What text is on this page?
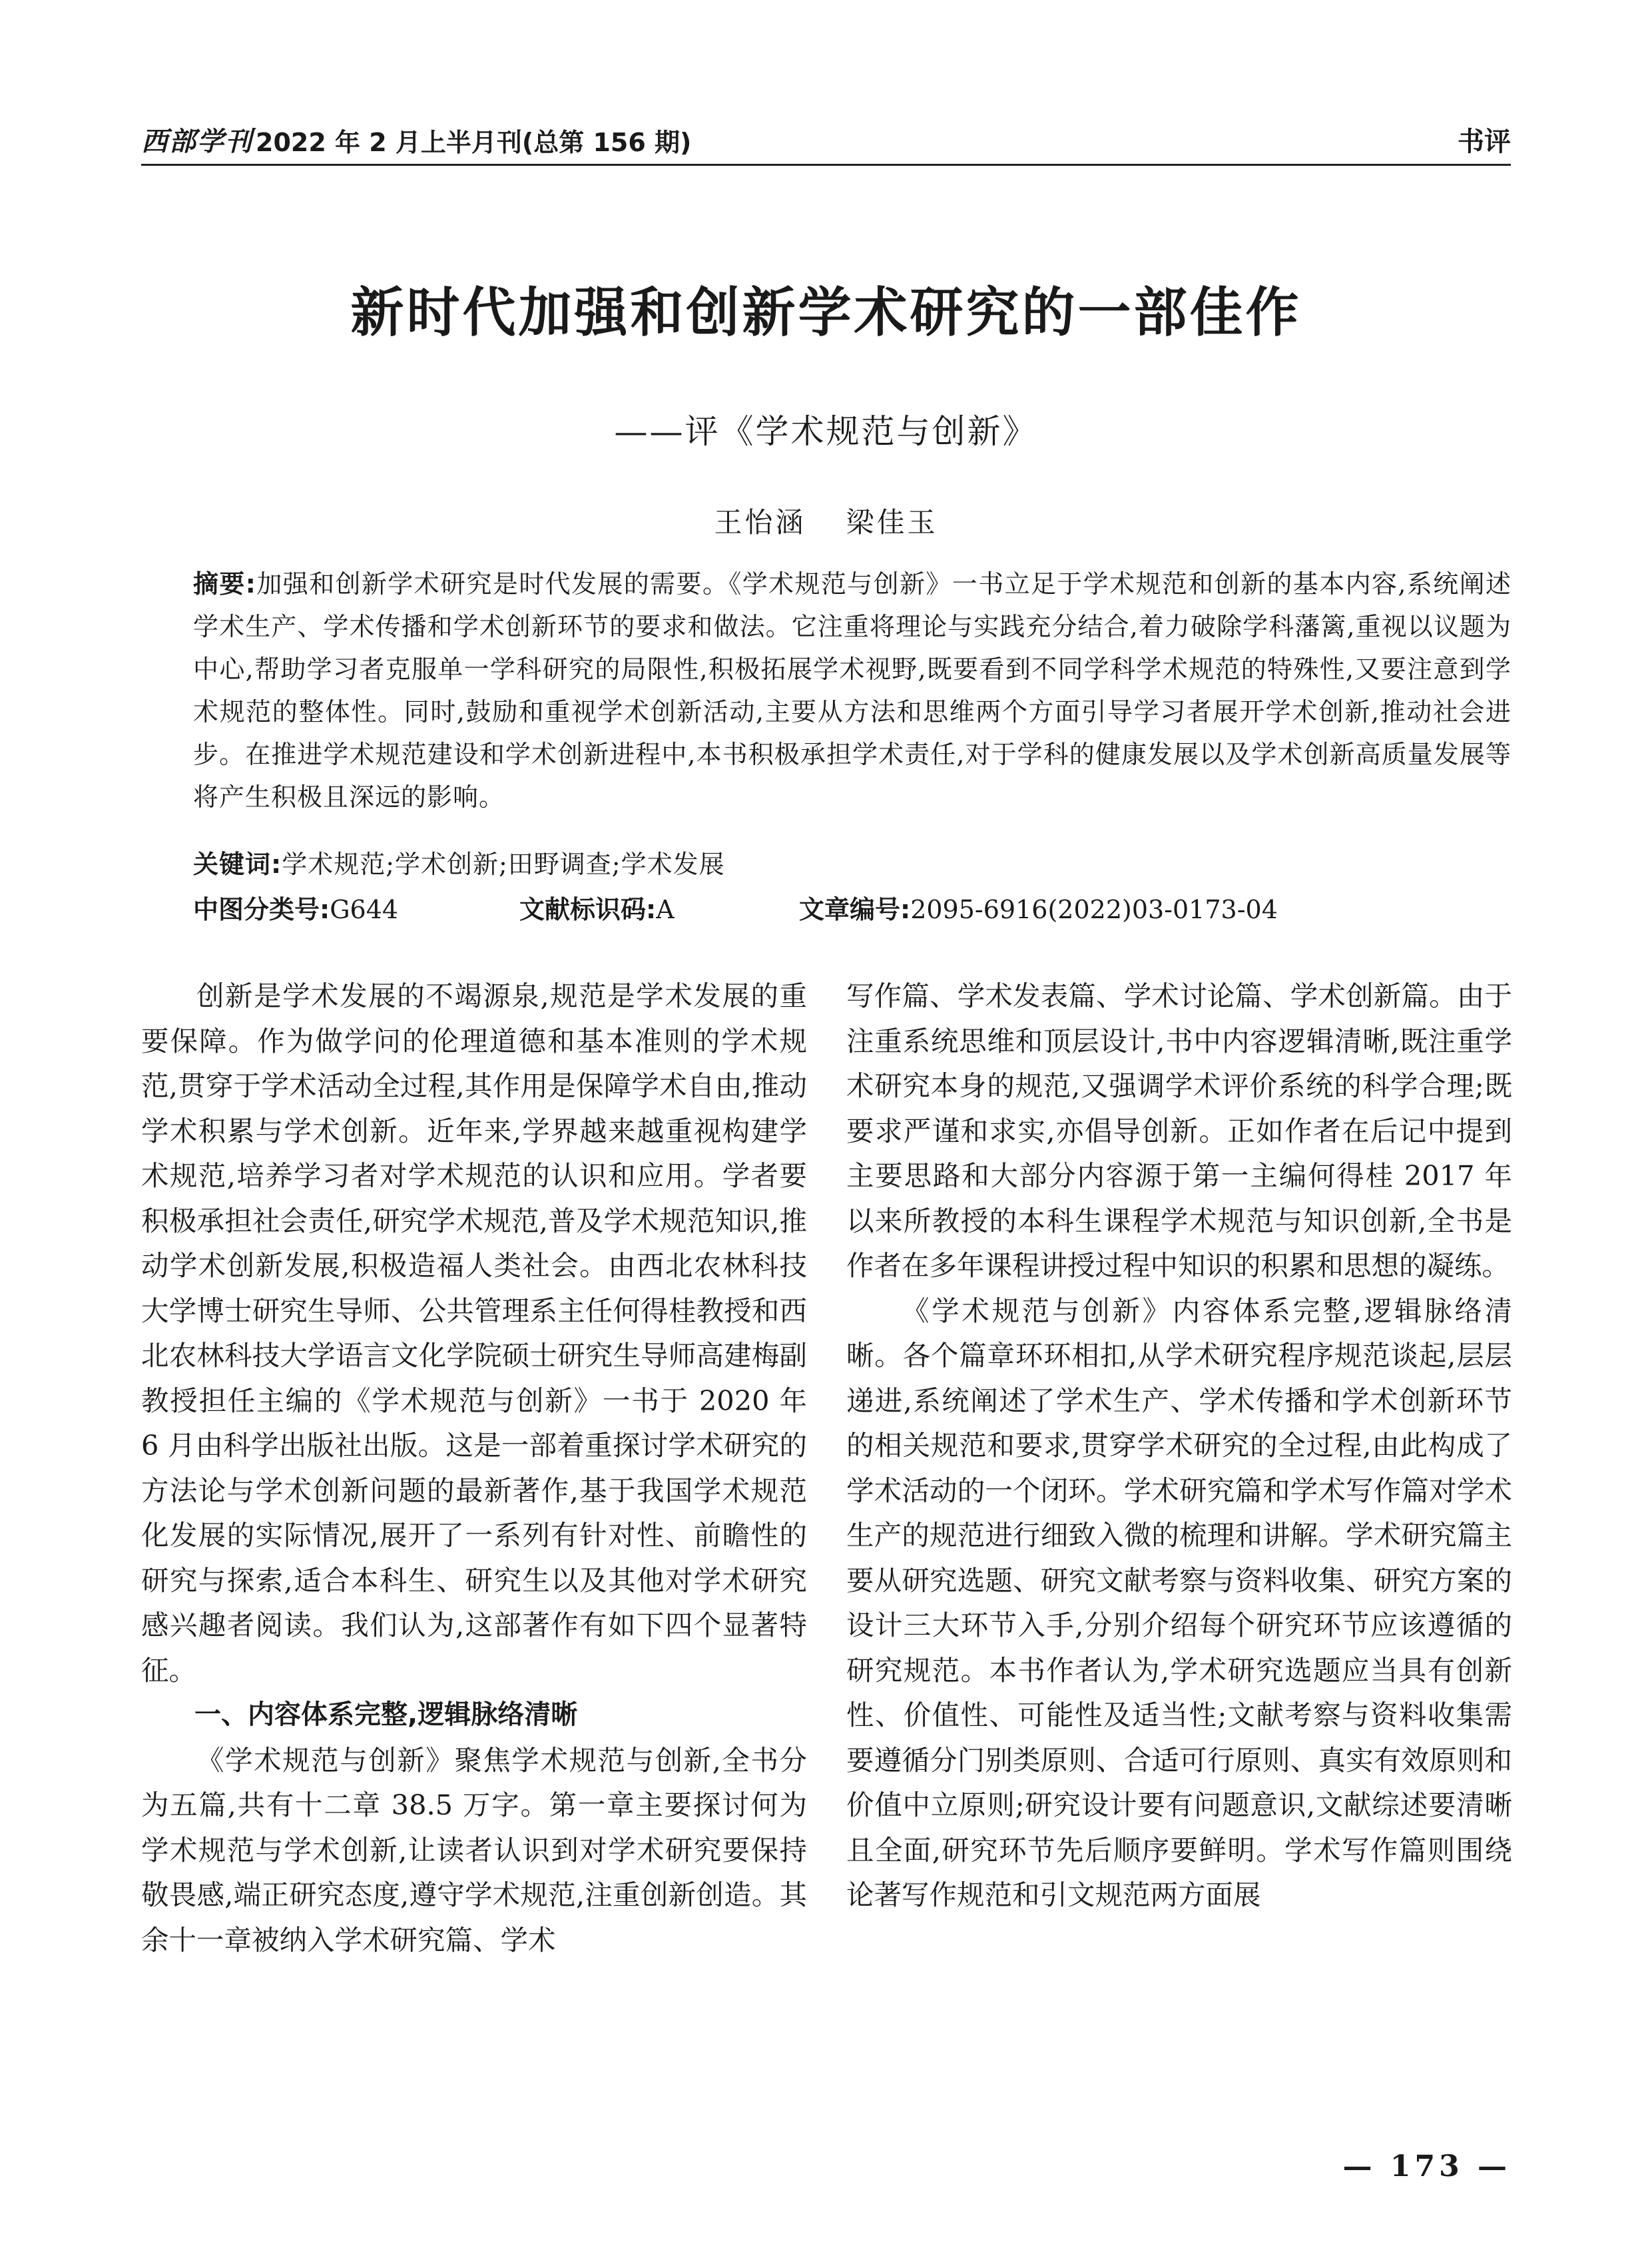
西部学刊 2022 年 2 月上半月刊(总第 156 期)	书评
新时代加强和创新学术研究的一部佳作
——评《学术规范与创新》
王怡涵 梁佳玉
摘要:加强和创新学术研究是时代发展的需要。《学术规范与创新》一书立足于学术规范和创新的基本内容,系统阐述学术生产、学术传播和学术创新环节的要求和做法。它注重将理论与实践充分结合,着力破除学科藩篱,重视以议题为中心,帮助学习者克服单一学科研究的局限性,积极拓展学术视野,既要看到不同学科学术规范的特殊性,又要注意到学术规范的整体性。同时,鼓励和重视学术创新活动,主要从方法和思维两个方面引导学习者展开学术创新,推动社会进步。在推进学术规范建设和学术创新进程中,本书积极承担学术责任,对于学科的健康发展以及学术创新高质量发展等将产生积极且深远的影响。
关键词:学术规范;学术创新;田野调查;学术发展
中图分类号:G644	文献标识码:A	文章编号:2095-6916(2022)03-0173-04

创新是学术发展的不竭源泉,规范是学术发展的重要保障。作为做学问的伦理道德和基本准则的学术规范,贯穿于学术活动全过程,其作用是保障学术自由,推动学术积累与学术创新。近年来,学界越来越重视构建学术规范,培养学习者对学术规范的认识和应用。学者要积极承担社会责任,研究学术规范,普及学术规范知识,推动学术创新发展,积极造福人类社会。由西北农林科技大学博士研究生导师、公共管理系主任何得桂教授和西北农林科技大学语言文化学院硕士研究生导师高建梅副教授担任主编的《学术规范与创新》一书于 2020 年 6 月由科学出版社出版。这是一部着重探讨学术研究的方法论与学术创新问题的最新著作,基于我国学术规范化发展的实际情况,展开了一系列有针对性、前瞻性的研究与探索,适合本科生、研究生以及其他对学术研究感兴趣者阅读。我们认为,这部著作有如下四个显著特征。

一、内容体系完整,逻辑脉络清晰

《学术规范与创新》聚焦学术规范与创新,全书分为五篇,共有十二章 38.5 万字。第一章主要探讨何为学术规范与学术创新,让读者认识到对学术研究要保持敬畏感,端正研究态度,遵守学术规范,注重创新创造。其余十一章被纳入学术研究篇、学术

写作篇、学术发表篇、学术讨论篇、学术创新篇。由于注重系统思维和顶层设计,书中内容逻辑清晰,既注重学术研究本身的规范,又强调学术评价系统的科学合理;既要求严谨和求实,亦倡导创新。正如作者在后记中提到主要思路和大部分内容源于第一主编何得桂 2017 年以来所教授的本科生课程学术规范与知识创新,全书是作者在多年课程讲授过程中知识的积累和思想的凝练。

《学术规范与创新》内容体系完整,逻辑脉络清晰。各个篇章环环相扣,从学术研究程序规范谈起,层层递进,系统阐述了学术生产、学术传播和学术创新环节的相关规范和要求,贯穿学术研究的全过程,由此构成了学术活动的一个闭环。学术研究篇和学术写作篇对学术生产的规范进行细致入微的梳理和讲解。学术研究篇主要从研究选题、研究文献考察与资料收集、研究方案的设计三大环节入手,分别介绍每个研究环节应该遵循的研究规范。本书作者认为,学术研究选题应当具有创新性、价值性、可能性及适当性;文献考察与资料收集需要遵循分门别类原则、合适可行原则、真实有效原则和价值中立原则;研究设计要有问题意识,文献综述要清晰且全面,研究环节先后顺序要鲜明。学术写作篇则围绕论著写作规范和引文规范两方面展

— 173 —
